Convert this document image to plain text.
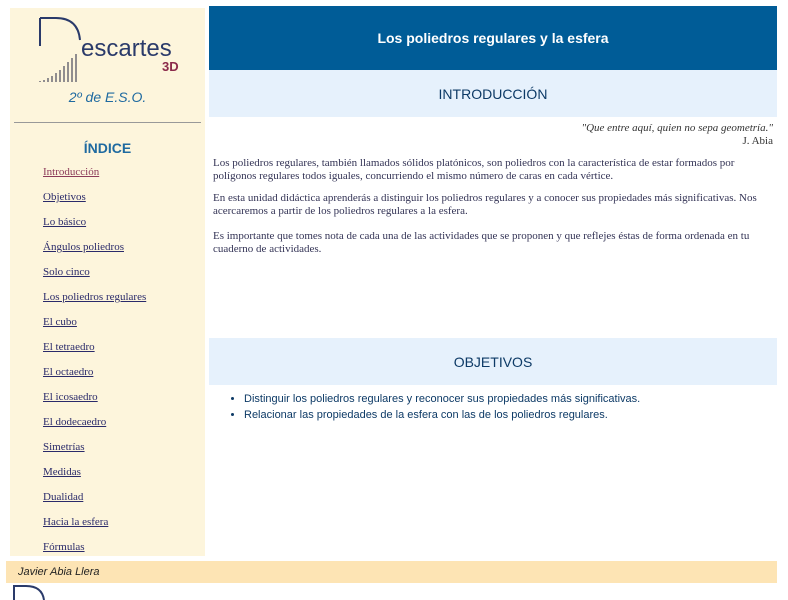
escartes
3D
2º de E.S.O.
ÍNDICE
Introducción
Objetivos
Lo básico
Ángulos poliedros
Solo cinco
Los poliedros regulares
El cubo
El tetraedro
El octaedro
El icosaedro
El dodecaedro
Simetrías
Medidas
Dualidad
Hacia la esfera
Fórmulas
Los poliedros regulares y la esfera
INTRODUCCIÓN
"Que entre aquí, quien no sepa geometría."
J. Abia

Los poliedros regulares, también llamados sólidos platónicos, son poliedros con la característica de estar formados por polígonos regulares todos iguales, concurriendo el mismo número de caras en cada vértice.

En esta unidad didáctica aprenderás a distinguir los poliedros regulares y a conocer sus propiedades más significativas. Nos acercaremos a partir de los poliedros regulares a la esfera.

Es importante que tomes nota de cada una de las actividades que se proponen y que reflejes éstas de forma ordenada en tu cuaderno de actividades.

OBJETIVOS
• Distinguir los poliedros regulares y reconocer sus propiedades más significativas.
• Relacionar las propiedades de la esfera con las de los poliedros regulares.
Javier Abia Llera
